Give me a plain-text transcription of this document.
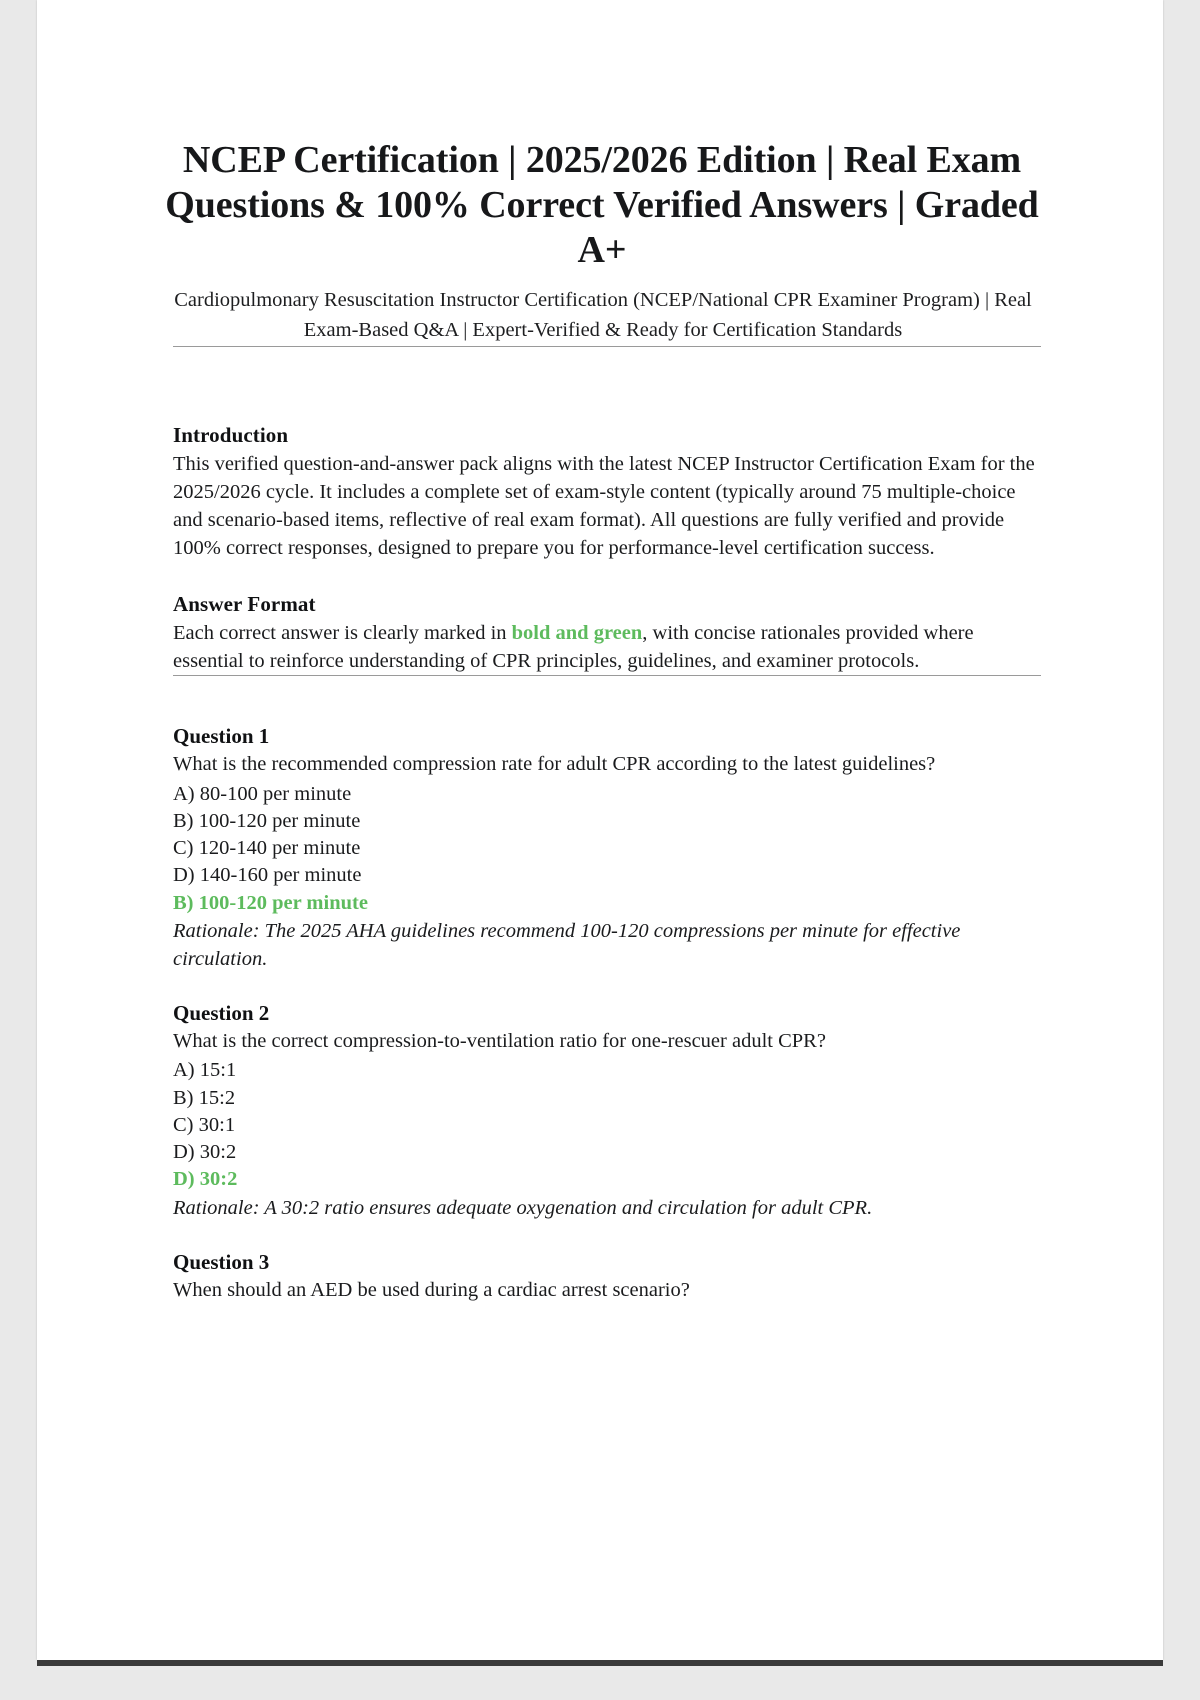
NCEP Certification | 2025/2026 Edition | Real Exam Questions & 100% Correct Verified Answers | Graded A+

Cardiopulmonary Resuscitation Instructor Certification (NCEP/National CPR Examiner Program) | Real Exam-Based Q&A | Expert-Verified & Ready for Certification Standards

Introduction

This verified question-and-answer pack aligns with the latest NCEP Instructor Certification Exam for the 2025/2026 cycle. It includes a complete set of exam-style content (typically around 75 multiple-choice and scenario-based items, reflective of real exam format). All questions are fully verified and provide 100% correct responses, designed to prepare you for performance-level certification success.

Answer Format

Each correct answer is clearly marked in bold and green, with concise rationales provided where essential to reinforce understanding of CPR principles, guidelines, and examiner protocols.

Question 1

What is the recommended compression rate for adult CPR according to the latest guidelines?

A) 80-100 per minute
B) 100-120 per minute
C) 120-140 per minute
D) 140-160 per minute

B) 100-120 per minute

Rationale: The 2025 AHA guidelines recommend 100-120 compressions per minute for effective circulation.

Question 2

What is the correct compression-to-ventilation ratio for one-rescuer adult CPR?

A) 15:1
B) 15:2
C) 30:1
D) 30:2

D) 30:2

Rationale: A 30:2 ratio ensures adequate oxygenation and circulation for adult CPR.

Question 3

When should an AED be used during a cardiac arrest scenario?
